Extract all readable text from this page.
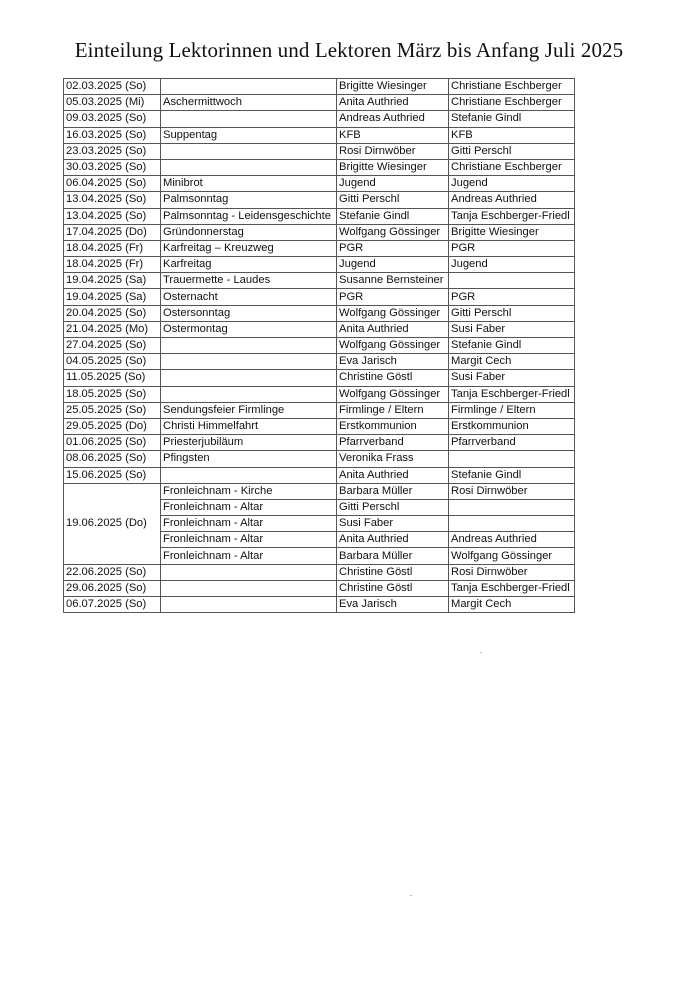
Einteilung Lektorinnen und Lektoren März bis Anfang Juli 2025
02.03.2025 (So)		Brigitte Wiesinger	Christiane Eschberger
05.03.2025 (Mi)	Aschermittwoch	Anita Authried	Christiane Eschberger
09.03.2025 (So)		Andreas Authried	Stefanie Gindl
16.03.2025 (So)	Suppentag	KFB	KFB
23.03.2025 (So)		Rosi Dirnwöber	Gitti Perschl
30.03.2025 (So)		Brigitte Wiesinger	Christiane Eschberger
06.04.2025 (So)	Minibrot	Jugend	Jugend
13.04.2025 (So)	Palmsonntag	Gitti Perschl	Andreas Authried
13.04.2025 (So)	Palmsonntag - Leidensgeschichte	Stefanie Gindl	Tanja Eschberger-Friedl
17.04.2025 (Do)	Gründonnerstag	Wolfgang Gössinger	Brigitte Wiesinger
18.04.2025 (Fr)	Karfreitag – Kreuzweg	PGR	PGR
18.04.2025 (Fr)	Karfreitag	Jugend	Jugend
19.04.2025 (Sa)	Trauermette - Laudes	Susanne Bernsteiner	
19.04.2025 (Sa)	Osternacht	PGR	PGR
20.04.2025 (So)	Ostersonntag	Wolfgang Gössinger	Gitti Perschl
21.04.2025 (Mo)	Ostermontag	Anita Authried	Susi Faber
27.04.2025 (So)		Wolfgang Gössinger	Stefanie Gindl
04.05.2025 (So)		Eva Jarisch	Margit Cech
11.05.2025 (So)		Christine Göstl	Susi Faber
18.05.2025 (So)		Wolfgang Gössinger	Tanja Eschberger-Friedl
25.05.2025 (So)	Sendungsfeier Firmlinge	Firmlinge / Eltern	Firmlinge / Eltern
29.05.2025 (Do)	Christi Himmelfahrt	Erstkommunion	Erstkommunion
01.06.2025 (So)	Priesterjubiläum	Pfarrverband	Pfarrverband
08.06.2025 (So)	Pfingsten	Veronika Frass	
15.06.2025 (So)		Anita Authried	Stefanie Gindl
19.06.2025 (Do)	Fronleichnam - Kirche	Barbara Müller	Rosi Dirnwöber
	Fronleichnam - Altar	Gitti Perschl	
	Fronleichnam - Altar	Susi Faber	
	Fronleichnam - Altar	Anita Authried	Andreas Authried
	Fronleichnam - Altar	Barbara Müller	Wolfgang Gössinger
22.06.2025 (So)		Christine Göstl	Rosi Dirnwöber
29.06.2025 (So)		Christine Göstl	Tanja Eschberger-Friedl
06.07.2025 (So)		Eva Jarisch	Margit Cech
